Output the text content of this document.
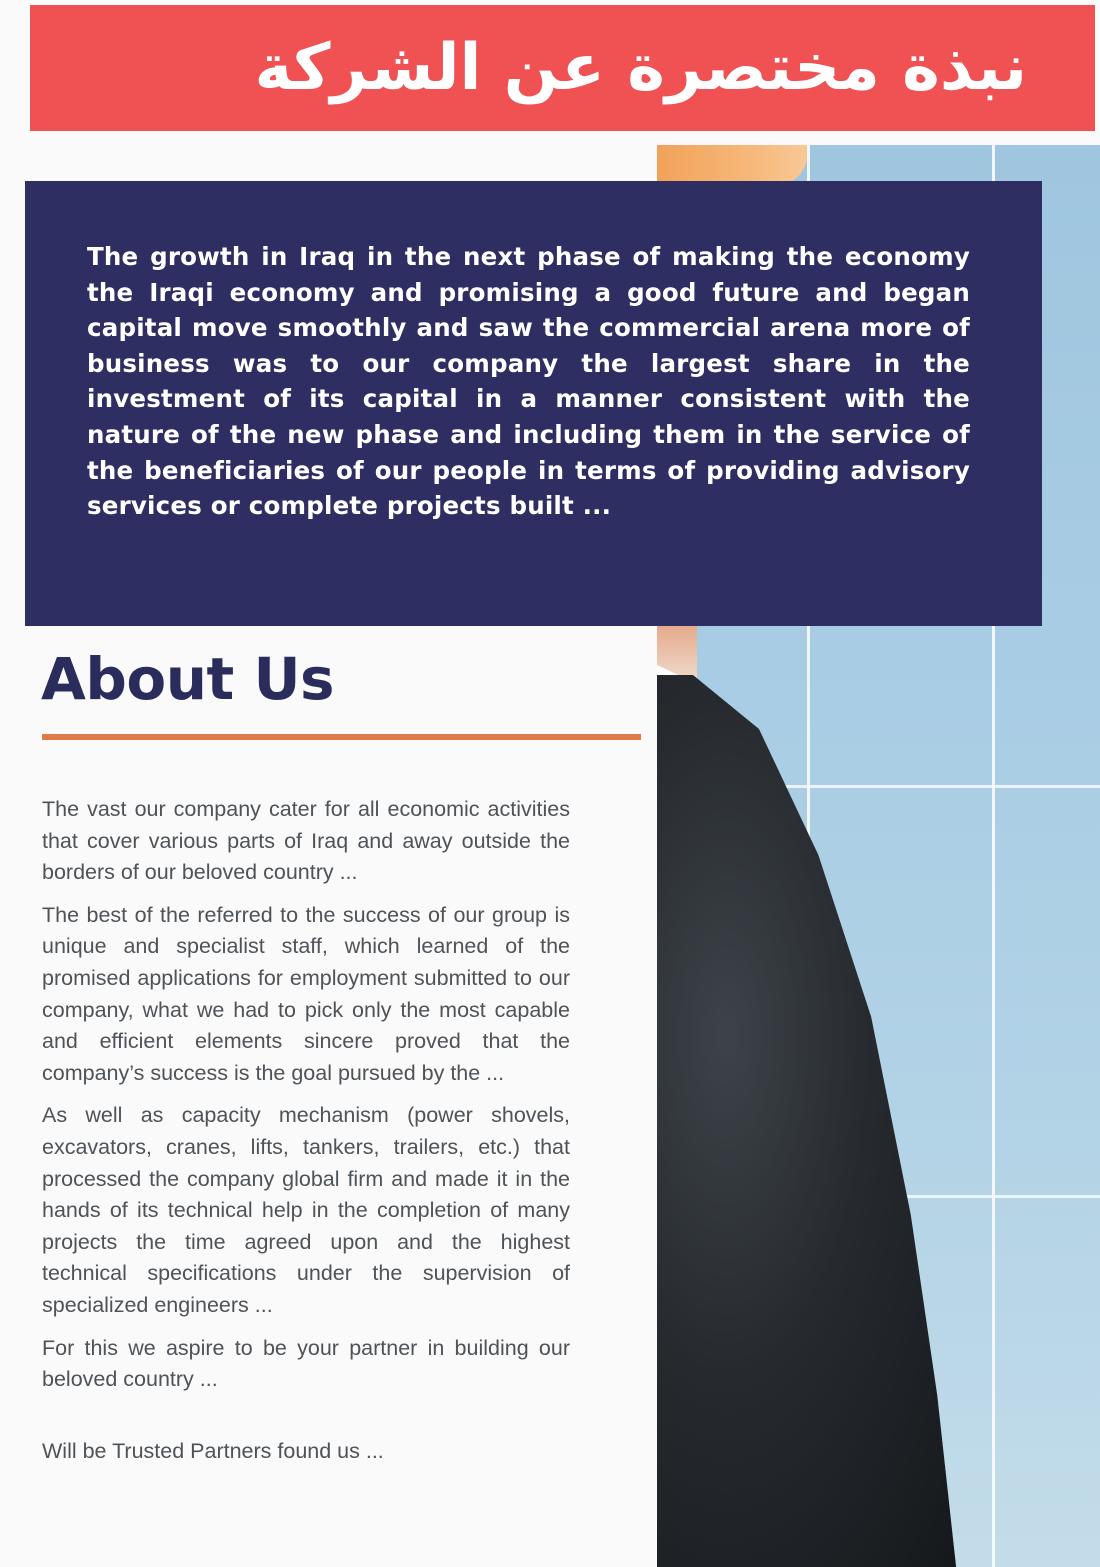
نبذة مختصرة عن الشركة

The growth in Iraq in the next phase of making the economy the Iraqi economy and promising a good future and began capital move smoothly and saw the commercial arena more of business was to our company the largest share in the investment of its capital in a manner consistent with the nature of the new phase and including them in the service of the beneficiaries of our people in terms of providing advisory services or complete projects built ...

About Us

The vast our company cater for all economic activities that cover various parts of Iraq and away outside the borders of our beloved country ...

The best of the referred to the success of our group is unique and specialist staff, which learned of the promised applications for employment submitted to our company, what we had to pick only the most capable and efficient elements sincere proved that the company’s success is the goal pursued by the ...

As well as capacity mechanism (power shovels, excavators, cranes, lifts, tankers, trailers, etc.) that processed the company global firm and made it in the hands of its technical help in the completion of many projects the time agreed upon and the highest technical specifications under the supervision of specialized engineers ...

For this we aspire to be your partner in building our beloved country ...

Will be Trusted Partners found us ...
